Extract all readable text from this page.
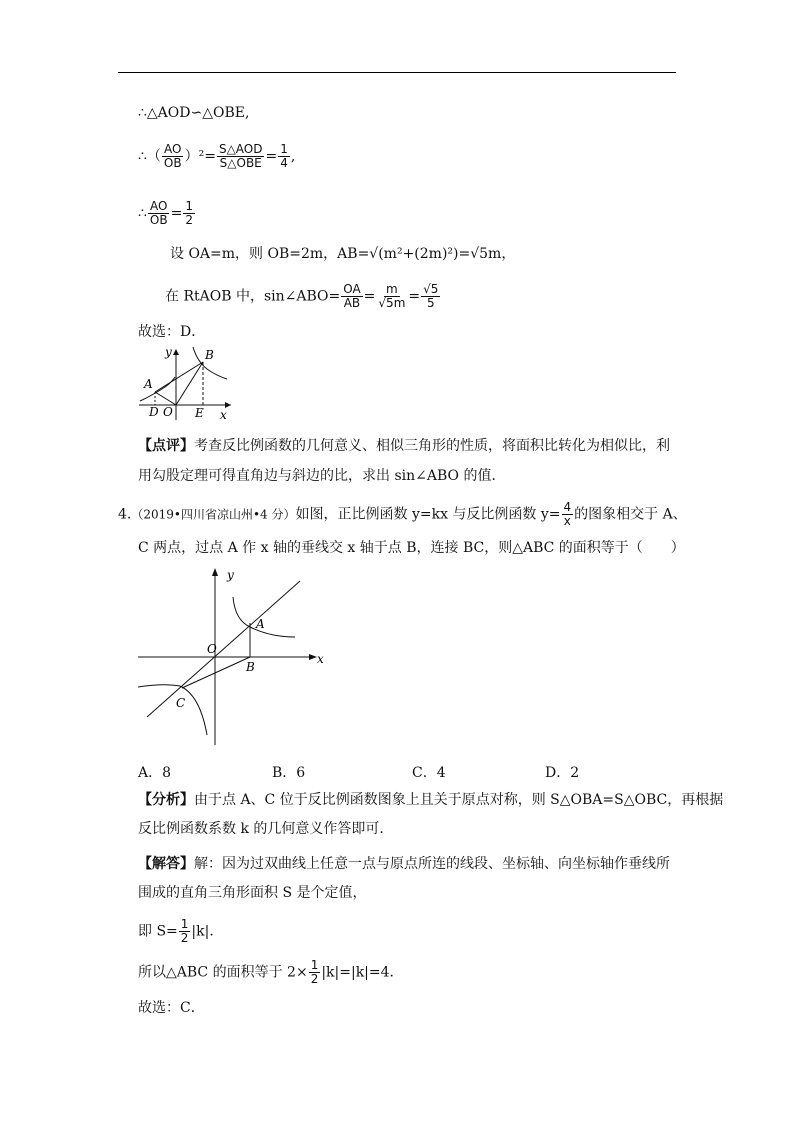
∴△AOD∽△OBE,
∴（ $\frac{AO}{OB} )^2= \frac{\text{S△AOD}}{\text{S△OBE}} = \frac{1}{4}$ ,
∴ $\frac{AO}{OB} = \frac{1}{2}$
设 OA=m，则 OB=2m，AB=√(m²+(2m)²)=√5m，
在 RtAOB 中，sin∠ABO= $\frac{OA}{AB} = \frac{m}{√5m} = \frac{√5}{5}$
故选：D．
y	B
A
D O E x
【点评】考查反比例函数的几何意义、相似三角形的性质，将面积比转化为相似比，利
用勾股定理可得直角边与斜边的比，求出 sin∠ABO 的值．
4.（2019•四川省凉山州•4 分）如图，正比例函数 y=kx 与反比例函数 $y= \frac{4}{x}$ 的图象相交于 A、
C 两点，过点 A 作 x 轴的垂线交 x 轴于点 B，连接 BC，则△ABC 的面积等于（　　）
y
A
O
B
x
C
A．8	B．6	C．4	D．2
【分析】由于点 A、C 位于反比例函数图象上且关于原点对称，则 S△OBA=S△OBC，再根据
反比例函数系数 k 的几何意义作答即可．
【解答】解：因为过双曲线上任意一点与原点所连的线段、坐标轴、向坐标轴作垂线所
围成的直角三角形面积 S 是个定值，
即 $S= \frac{1}{2} |k|$．
所以△ABC 的面积等于 $2\times \frac{1}{2} |k|=|k|=4$．
故选：C．
